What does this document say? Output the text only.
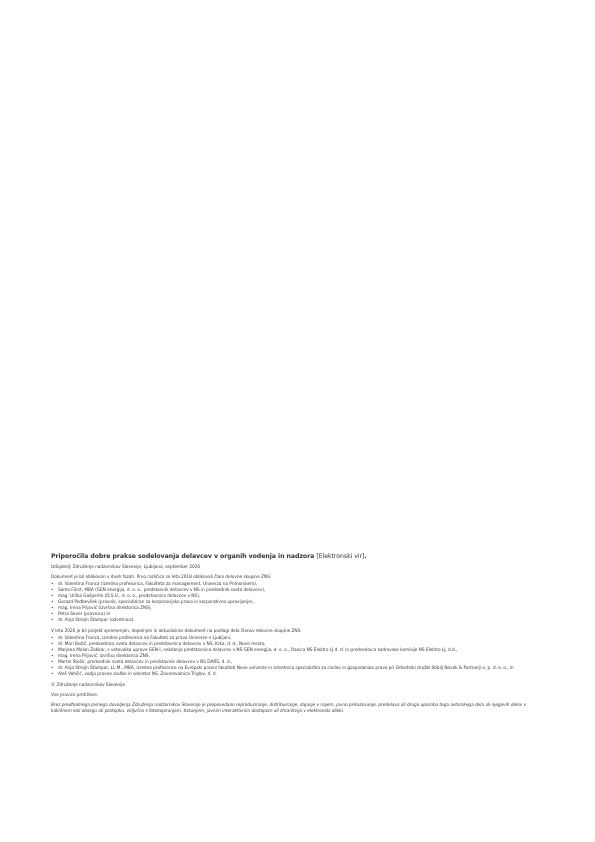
Priporočila dobre prakse sodelovanja delavcev v organih vodenja in nadzora [Elektronski vir].

Izdajatelj: Združenje nadzornikov Slovenije, Ljubljana, september 2026

Dokument je bil oblikovan v dveh fazah. Prvo različico so leta 2018 oblikovali člani delovne skupine ZNS:

• dr. Valentina Franca (izredna profesorica, Fakulteta za management, Univerza na Primorskem),
• Samo Fürst, MBA (GEN energija, d. o. o., predstavnik delavcev v NS in predsednik sveta delavcev),
• mag. Urška Gašperlin (D.S.U., d. o. o., predstavnica delavcev v NS),
• Gorazd Podbevšek (pravnik, specializiran za korporacijsko pravo in korporativno upravljanje),
• mag. Irena Prijović (izvršna direktorica ZNS),
• Petra Sever (pravnica) in
• dr. Anja Strojin Štampar (odvetnica).

V letu 2026 je bil projekt spremenjen, dopolnjen in aktualiziran dokument na podlagi dela članov delovne skupine ZNS:

• dr. Valentina Franca, izredna profesorica na Fakulteti za pravo Univerze v Ljubljani,
• dr. Mari Božič, predsednica sveta delavcev in predstavnica delavcev v NS, Krka, d. d., Novo mesto,
• Marjana Molan Zakkar, s vetovalka uprave GEN-I, nekdanja predstavnica delavcev v NS GEN energija, d. o. o., članica NS Elektro LJ d. d. in predsednica kadrovske komisije NS Elektro LJ, d.d.,
• mag. Irena Prijović, izvršna direktorica ZNS,
• Martin Stožir, predsednik sveta delavcev in predstavnik delavcev v NS DARS, d. d.,
• dr. Anja Strojin Štampar, LL.M., MBA, izredna profesorica na Evropski pravni fakulteti Nove univerze in odvetnica specialistka za civilno in gospodarsko pravo pri Odvetniki družbi Stibilj Novak & Partnerji o. p. d. o. o., in
• Aleš Vahčić, vodja pravne službe in sekretar NS, Zavarovalnica Triglav, d. d.

© Združenje nadzornikov Slovenije

Vse pravice pridržane.

Brez predhodnega pisnega dovoljenja Združenja nadzornikov Slovenije je prepovedano reproduciranje, distribuiranje, dajanje v najem, javno prikazovanje, predelava ali druga uporaba tega avtorskega dela ali njegovih delov v kakršnem koli obsegu ali postopku, vključno s fotokopiranjem, tiskanjem, javnim interaktivnim dostopom ali shranitvijo v elektronski obliki.
